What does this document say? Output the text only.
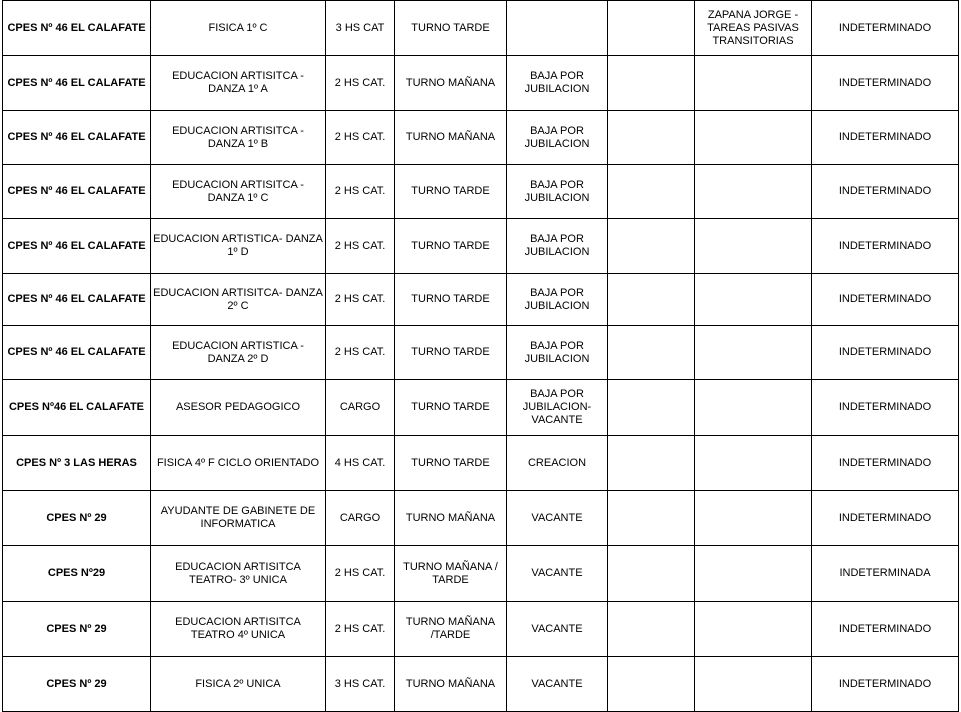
CPES Nº 46 EL CALAFATE	FISICA 1º C	3 HS CAT	TURNO TARDE			ZAPANA JORGE -TAREAS PASIVAS TRANSITORIAS	INDETERMINADO
CPES Nº 46 EL CALAFATE	EDUCACION ARTISITCA - DANZA 1º A	2 HS CAT.	TURNO MAÑANA	BAJA POR JUBILACION			INDETERMINADO
CPES Nº 46 EL CALAFATE	EDUCACION ARTISITCA - DANZA 1º B	2 HS CAT.	TURNO MAÑANA	BAJA POR JUBILACION			INDETERMINADO
CPES Nº 46 EL CALAFATE	EDUCACION ARTISITCA - DANZA 1º C	2 HS CAT.	TURNO TARDE	BAJA POR JUBILACION			INDETERMINADO
CPES Nº 46 EL CALAFATE	EDUCACION ARTISTICA- DANZA 1º D	2 HS CAT.	TURNO TARDE	BAJA POR JUBILACION			INDETERMINADO
CPES Nº 46 EL CALAFATE	EDUCACION ARTISITCA- DANZA 2º C	2 HS CAT.	TURNO TARDE	BAJA POR JUBILACION			INDETERMINADO
CPES Nº 46 EL CALAFATE	EDUCACION ARTISTICA - DANZA 2º D	2 HS CAT.	TURNO TARDE	BAJA POR JUBILACION			INDETERMINADO
CPES Nº46 EL CALAFATE	ASESOR PEDAGOGICO	CARGO	TURNO TARDE	BAJA POR JUBILACION- VACANTE			INDETERMINADO
CPES Nº 3 LAS HERAS	FISICA 4º F CICLO ORIENTADO	4 HS CAT.	TURNO TARDE	CREACION			INDETERMINADO
CPES Nº 29	AYUDANTE DE GABINETE DE INFORMATICA	CARGO	TURNO MAÑANA	VACANTE			INDETERMINADO
CPES Nº29	EDUCACION ARTISITCA TEATRO- 3º UNICA	2 HS CAT.	TURNO MAÑANA / TARDE	VACANTE			INDETERMINADA
CPES Nº 29	EDUCACION ARTISITCA TEATRO 4º UNICA	2 HS CAT.	TURNO MAÑANA /TARDE	VACANTE			INDETERMINADO
CPES Nº 29	FISICA 2º UNICA	3 HS CAT.	TURNO MAÑANA	VACANTE			INDETERMINADO
